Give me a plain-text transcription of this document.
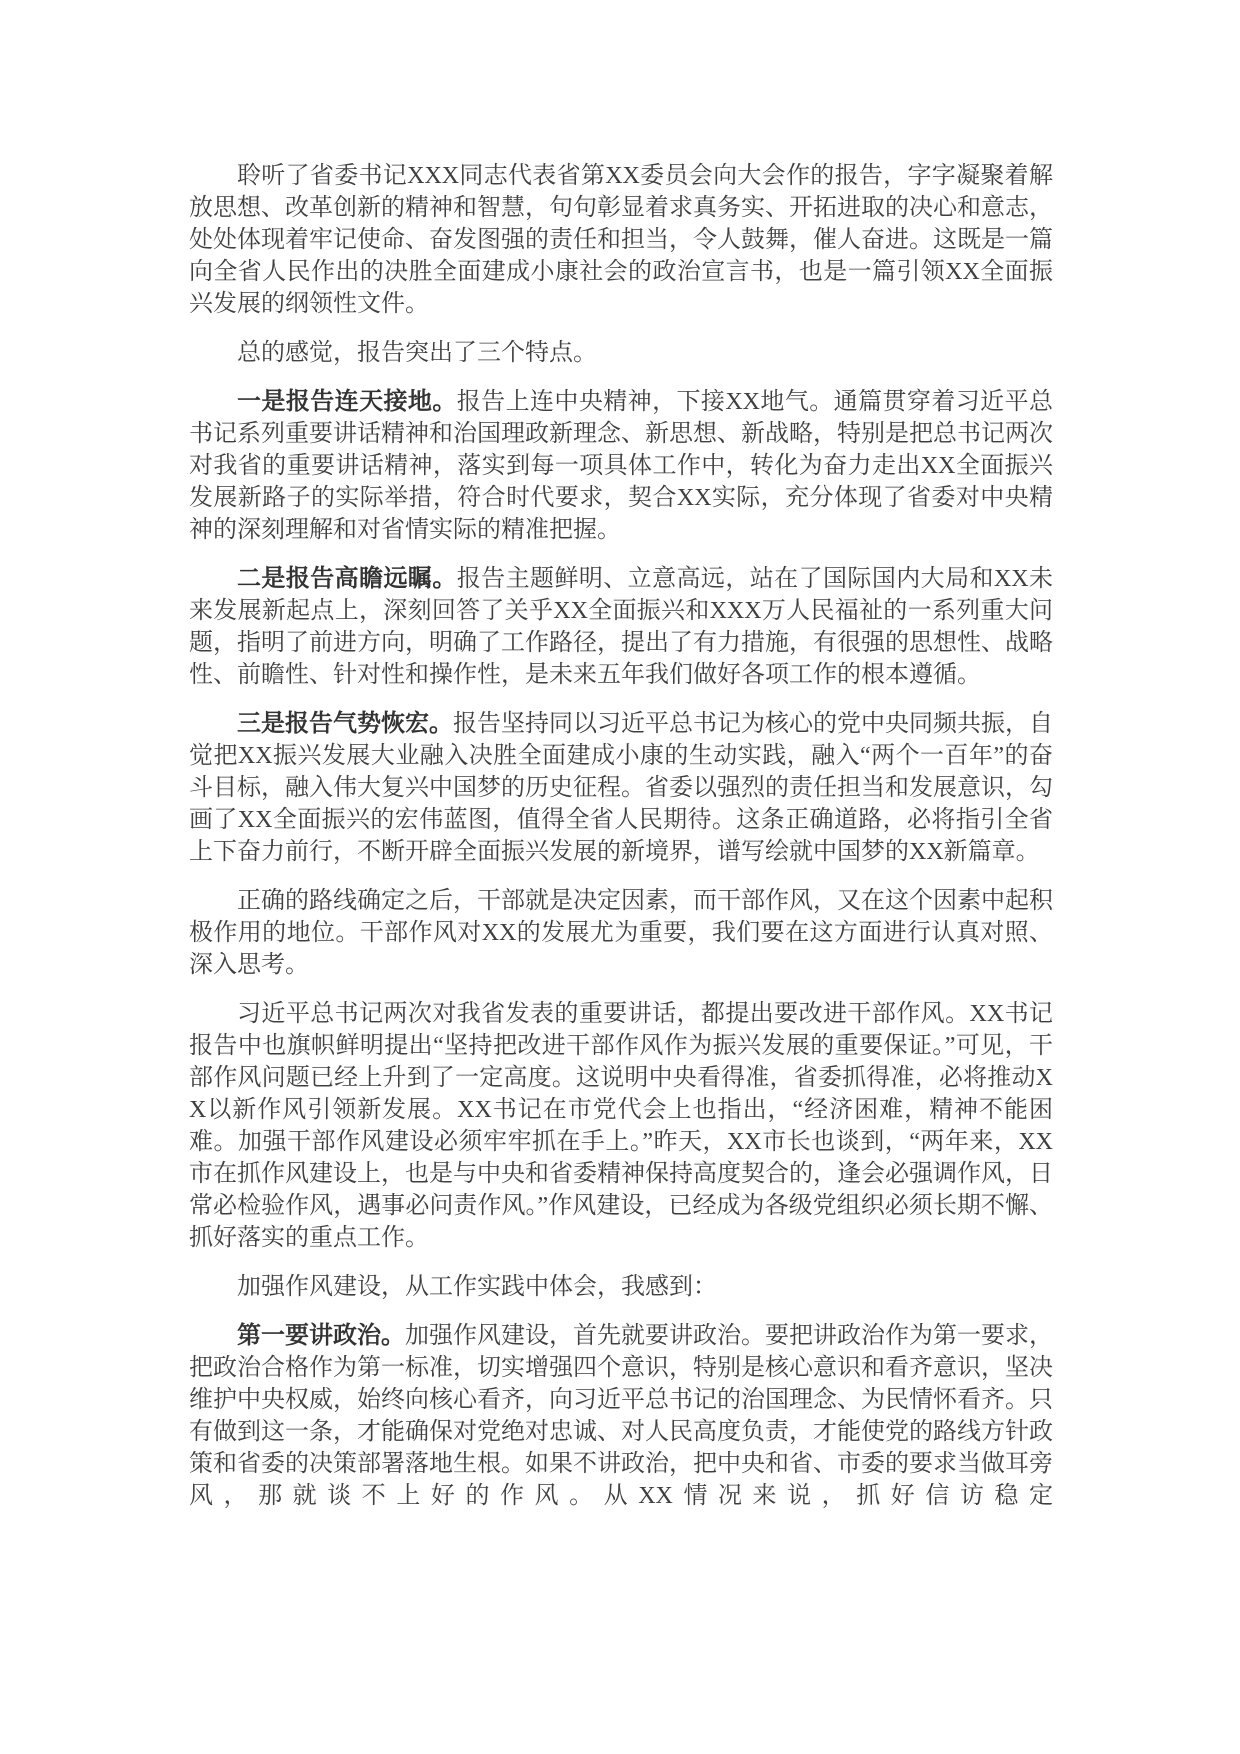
聆听了省委书记XXX同志代表省第XX委员会向大会作的报告，字字凝聚着解放思想、改革创新的精神和智慧，句句彰显着求真务实、开拓进取的决心和意志，处处体现着牢记使命、奋发图强的责任和担当，令人鼓舞，催人奋进。这既是一篇向全省人民作出的决胜全面建成小康社会的政治宣言书，也是一篇引领XX全面振兴发展的纲领性文件。

总的感觉，报告突出了三个特点。

一是报告连天接地。报告上连中央精神，下接XX地气。通篇贯穿着习近平总书记系列重要讲话精神和治国理政新理念、新思想、新战略，特别是把总书记两次对我省的重要讲话精神，落实到每一项具体工作中，转化为奋力走出XX全面振兴发展新路子的实际举措，符合时代要求，契合XX实际，充分体现了省委对中央精神的深刻理解和对省情实际的精准把握。

二是报告高瞻远瞩。报告主题鲜明、立意高远，站在了国际国内大局和XX未来发展新起点上，深刻回答了关乎XX全面振兴和XXX万人民福祉的一系列重大问题，指明了前进方向，明确了工作路径，提出了有力措施，有很强的思想性、战略性、前瞻性、针对性和操作性，是未来五年我们做好各项工作的根本遵循。

三是报告气势恢宏。报告坚持同以习近平总书记为核心的党中央同频共振，自觉把XX振兴发展大业融入决胜全面建成小康的生动实践，融入“两个一百年”的奋斗目标，融入伟大复兴中国梦的历史征程。省委以强烈的责任担当和发展意识，勾画了XX全面振兴的宏伟蓝图，值得全省人民期待。这条正确道路，必将指引全省上下奋力前行，不断开辟全面振兴发展的新境界，谱写绘就中国梦的XX新篇章。

正确的路线确定之后，干部就是决定因素，而干部作风，又在这个因素中起积极作用的地位。干部作风对XX的发展尤为重要，我们要在这方面进行认真对照、深入思考。

习近平总书记两次对我省发表的重要讲话，都提出要改进干部作风。XX书记报告中也旗帜鲜明提出“坚持把改进干部作风作为振兴发展的重要保证。”可见，干部作风问题已经上升到了一定高度。这说明中央看得准，省委抓得准，必将推动XX以新作风引领新发展。XX书记在市党代会上也指出，“经济困难，精神不能困难。加强干部作风建设必须牢牢抓在手上。”昨天，XX市长也谈到，“两年来，XX市在抓作风建设上，也是与中央和省委精神保持高度契合的，逢会必强调作风，日常必检验作风，遇事必问责作风。”作风建设，已经成为各级党组织必须长期不懈、抓好落实的重点工作。

加强作风建设，从工作实践中体会，我感到：

第一要讲政治。加强作风建设，首先就要讲政治。要把讲政治作为第一要求，把政治合格作为第一标准，切实增强四个意识，特别是核心意识和看齐意识，坚决维护中央权威，始终向核心看齐，向习近平总书记的治国理念、为民情怀看齐。只有做到这一条，才能确保对党绝对忠诚、对人民高度负责，才能使党的路线方针政策和省委的决策部署落地生根。如果不讲政治，把中央和省、市委的要求当做耳旁风，那就谈不上好的作风。从XX情况来说，抓好信访稳定
